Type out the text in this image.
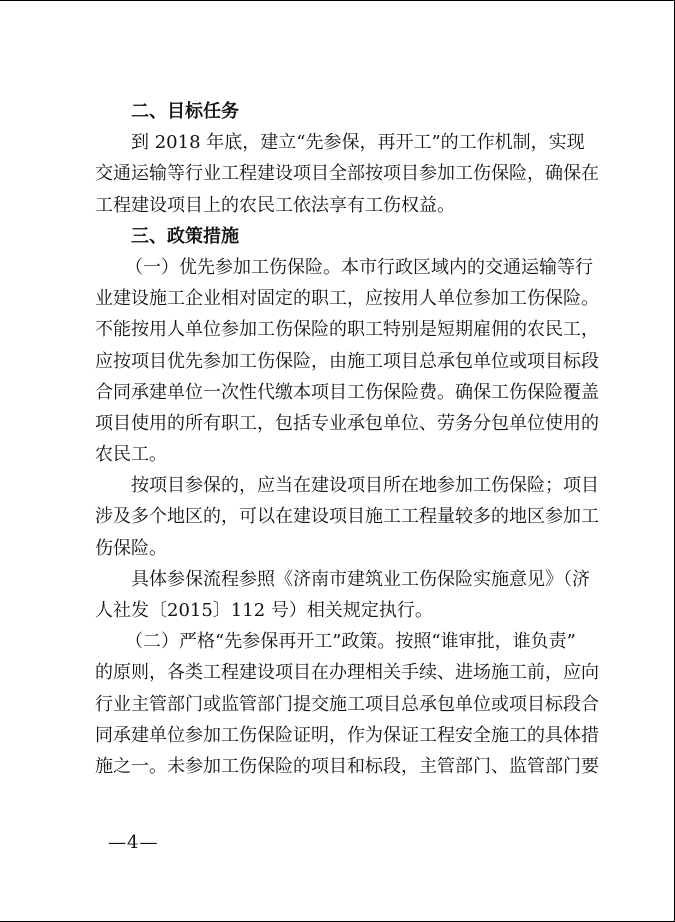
二、目标任务
到 2018 年底，建立“先参保，再开工”的工作机制，实现
交通运输等行业工程建设项目全部按项目参加工伤保险，确保在
工程建设项目上的农民工依法享有工伤权益。
三、政策措施
（一）优先参加工伤保险。本市行政区域内的交通运输等行
业建设施工企业相对固定的职工，应按用人单位参加工伤保险。
不能按用人单位参加工伤保险的职工特别是短期雇佣的农民工，
应按项目优先参加工伤保险，由施工项目总承包单位或项目标段
合同承建单位一次性代缴本项目工伤保险费。确保工伤保险覆盖
项目使用的所有职工，包括专业承包单位、劳务分包单位使用的
农民工。
按项目参保的，应当在建设项目所在地参加工伤保险；项目
涉及多个地区的，可以在建设项目施工工程量较多的地区参加工
伤保险。
具体参保流程参照《济南市建筑业工伤保险实施意见》（济
人社发〔2015〕112 号）相关规定执行。
（二）严格“先参保再开工”政策。按照“谁审批，谁负责”
的原则，各类工程建设项目在办理相关手续、进场施工前，应向
行业主管部门或监管部门提交施工项目总承包单位或项目标段合
同承建单位参加工伤保险证明，作为保证工程安全施工的具体措
施之一。未参加工伤保险的项目和标段，主管部门、监管部门要
—4—
